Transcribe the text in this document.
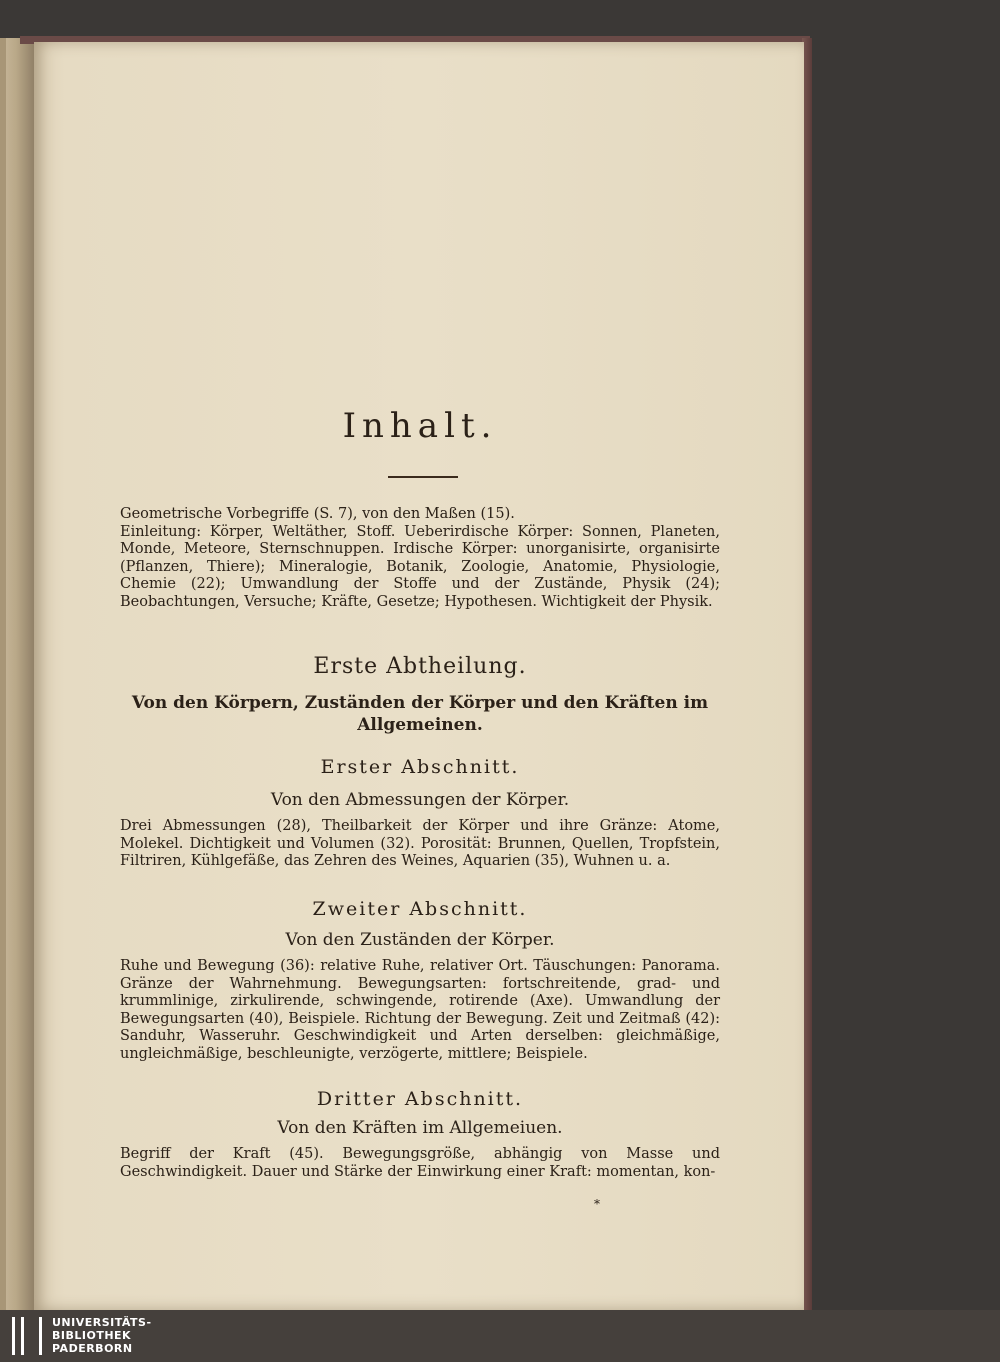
Inhalt.

Geometrische Vorbegriffe (S. 7), von den Maßen (15).

Einleitung: Körper, Weltäther, Stoff. Ueberirdische Körper: Sonnen, Planeten, Monde, Meteore, Sternschnuppen. Irdische Körper: unorganisirte, organisirte (Pflanzen, Thiere); Mineralogie, Botanik, Zoologie, Anatomie, Physiologie, Chemie (22); Umwandlung der Stoffe und der Zustände, Physik (24); Beobachtungen, Versuche; Kräfte, Gesetze; Hypothesen. Wichtigkeit der Physik.

Erste Abtheilung.
Von den Körpern, Zuständen der Körper und den Kräften im Allgemeinen.
Erster Abschnitt.
Von den Abmessungen der Körper.
Drei Abmessungen (28), Theilbarkeit der Körper und ihre Gränze: Atome, Molekel. Dichtigkeit und Volumen (32). Porosität: Brunnen, Quellen, Tropfstein, Filtriren, Kühlgefäße, das Zehren des Weines, Aquarien (35), Wuhnen u. a.
Zweiter Abschnitt.
Von den Zuständen der Körper.
Ruhe und Bewegung (36): relative Ruhe, relativer Ort. Täuschungen: Panorama. Gränze der Wahrnehmung. Bewegungsarten: fortschreitende, grad- und krummlinige, zirkulirende, schwingende, rotirende (Axe). Umwandlung der Bewegungsarten (40), Beispiele. Richtung der Bewegung. Zeit und Zeitmaß (42): Sanduhr, Wasseruhr. Geschwindigkeit und Arten derselben: gleichmäßige, ungleichmäßige, beschleunigte, verzögerte, mittlere; Beispiele.
Dritter Abschnitt.
Von den Kräften im Allgemeiuen.
Begriff der Kraft (45). Bewegungsgröße, abhängig von Masse und Geschwindigkeit. Dauer und Stärke der Einwirkung einer Kraft: momentan, kon-
*
UNIVERSITÄTS-
BIBLIOTHEK
PADERBORN
